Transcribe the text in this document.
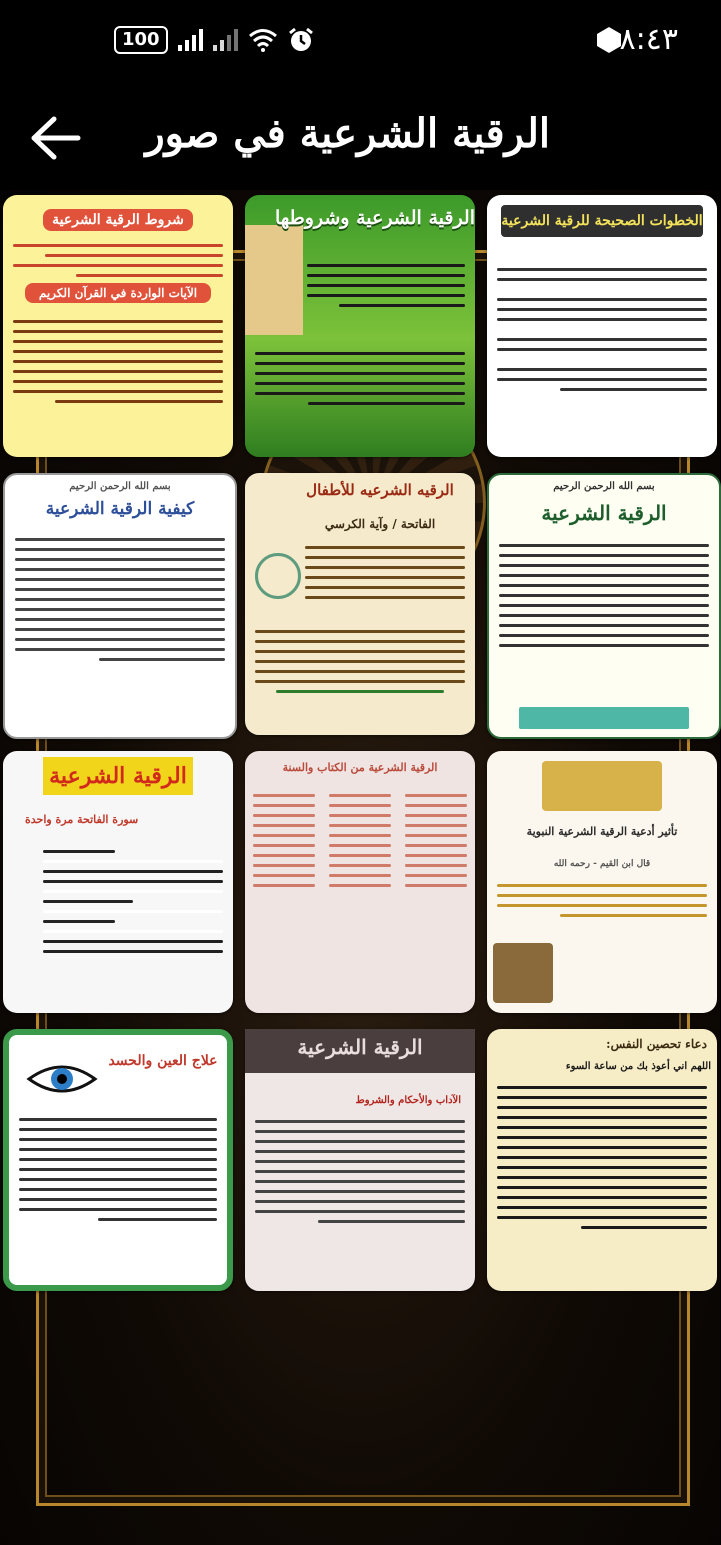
100	٨:٤٣
الرقية الشرعية في صور
شروط الرقية الشرعية
الآيات الواردة في القرآن الكريم
الرقية الشرعية وشروطها الخطوات الصحيحة للرقية الشرعية
كيفية الرقية الشرعية
بسم الله الرحمن الرحيم	الرقيه الشرعيه للأطفال
الفاتحة / وآية الكرسي
بسم الله الرحمن الرحيم
الرقية الشرعية
الرقية الشرعية
سورة الفاتحة مرة واحدة
الرقية الشرعية من الكتاب والسنة
تأثير أدعية الرقية الشرعية النبوية
قال ابن القيم - رحمه الله
علاج العين والحسد
الرقية الشرعية
الآداب والأحكام والشروط
دعاء تحصين النفس:
اللهم اني أعوذ بك من ساعة السوء
